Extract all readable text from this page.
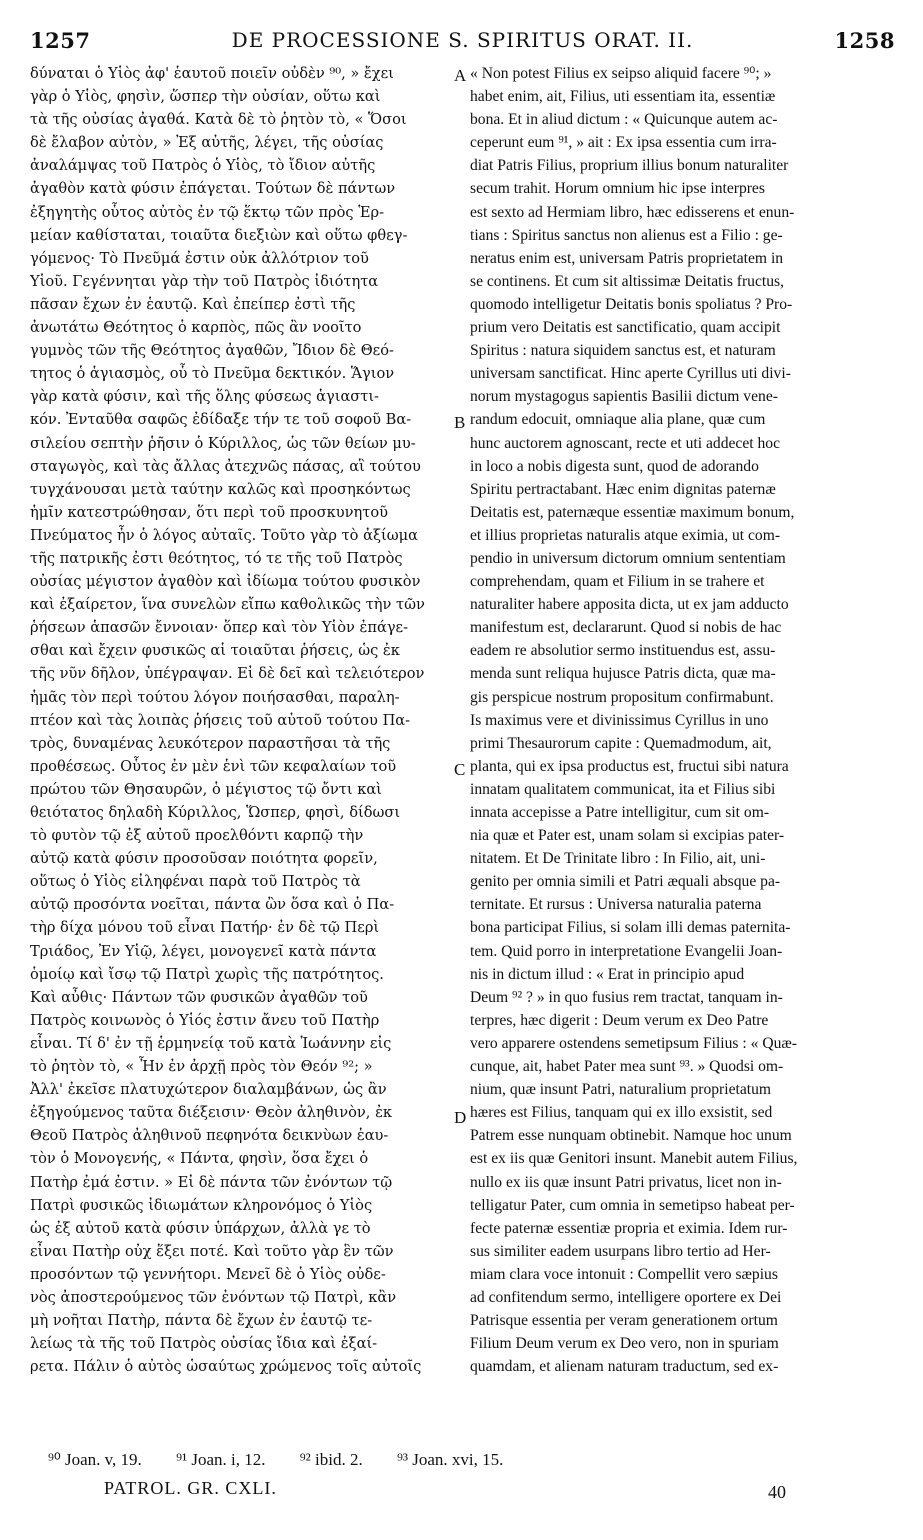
1257	DE PROCESSIONE S. SPIRITUS ORAT. II.	1258
δύναται ὁ Υἱὸς ἀφ' ἑαυτοῦ ποιεῖν οὐδὲν ⁹⁰, » ἔχει
γὰρ ὁ Υἱὸς, φησὶν, ὥσπερ τὴν οὐσίαν, οὕτω καὶ
τὰ τῆς οὐσίας ἀγαθά. Κατὰ δὲ τὸ ῥητὸν τὸ, « Ὅσοι
δὲ ἔλαβον αὐτὸν, » Ἐξ αὐτῆς, λέγει, τῆς οὐσίας
ἀναλάμψας τοῦ Πατρὸς ὁ Υἱὸς, τὸ ἴδιον αὐτῆς
ἀγαθὸν κατὰ φύσιν ἐπάγεται. Τούτων δὲ πάντων
ἐξηγητὴς οὗτος αὐτὸς ἐν τῷ ἕκτῳ τῶν πρὸς Ἑρ-
μείαν καθίσταται, τοιαῦτα διεξιὼν καὶ οὕτω φθεγ-
γόμενος· Τὸ Πνεῦμά ἐστιν οὐκ ἀλλότριον τοῦ
Υἱοῦ. Γεγέννηται γὰρ τὴν τοῦ Πατρὸς ἰδιότητα
πᾶσαν ἔχων ἐν ἑαυτῷ. Καὶ ἐπείπερ ἐστὶ τῆς
ἀνωτάτω Θεότητος ὁ καρπὸς, πῶς ἂν νοοῖτο
γυμνὸς τῶν τῆς Θεότητος ἀγαθῶν, Ἴδιον δὲ Θεό-
τητος ὁ ἁγιασμὸς, οὗ τὸ Πνεῦμα δεκτικόν. Ἅγιον
γὰρ κατὰ φύσιν, καὶ τῆς ὅλης φύσεως ἁγιαστι-
κόν. Ἐνταῦθα σαφῶς ἐδίδαξε τήν τε τοῦ σοφοῦ Βα-
σιλείου σεπτὴν ῥῆσιν ὁ Κύριλλος, ὡς τῶν θείων μυ-
σταγωγὸς, καὶ τὰς ἄλλας ἀτεχνῶς πάσας, αἳ τούτου
τυγχάνουσαι μετὰ ταύτην καλῶς καὶ προσηκόντως
ἡμῖν κατεστρώθησαν, ὅτι περὶ τοῦ προσκυνητοῦ
Πνεύματος ἦν ὁ λόγος αὐταῖς. Τοῦτο γὰρ τὸ ἀξίωμα
τῆς πατρικῆς ἐστι θεότητος, τό τε τῆς τοῦ Πατρὸς
οὐσίας μέγιστον ἀγαθὸν καὶ ἰδίωμα τούτου φυσικὸν
καὶ ἐξαίρετον, ἵνα συνελὼν εἴπω καθολικῶς τὴν τῶν
ῥήσεων ἁπασῶν ἔννοιαν· ὅπερ καὶ τὸν Υἱὸν ἐπάγε-
σθαι καὶ ἔχειν φυσικῶς αἱ τοιαῦται ῥήσεις, ὡς ἐκ
τῆς νῦν δῆλον, ὑπέγραψαν. Εἰ δὲ δεῖ καὶ τελειότερον
ἡμᾶς τὸν περὶ τούτου λόγον ποιήσασθαι, παραλη-
πτέον καὶ τὰς λοιπὰς ῥήσεις τοῦ αὐτοῦ τούτου Πα-
τρὸς, δυναμένας λευκότερον παραστῆσαι τὰ τῆς
προθέσεως. Οὗτος ἐν μὲν ἑνὶ τῶν κεφαλαίων τοῦ
πρώτου τῶν Θησαυρῶν, ὁ μέγιστος τῷ ὄντι καὶ
θειότατος δηλαδὴ Κύριλλος, Ὥσπερ, φησὶ, δίδωσι
τὸ φυτὸν τῷ ἐξ αὐτοῦ προελθόντι καρπῷ τὴν
αὐτῷ κατὰ φύσιν προσοῦσαν ποιότητα φορεῖν,
οὕτως ὁ Υἱὸς εἰληφέναι παρὰ τοῦ Πατρὸς τὰ
αὐτῷ προσόντα νοεῖται, πάντα ὢν ὅσα καὶ ὁ Πα-
τὴρ δίχα μόνου τοῦ εἶναι Πατήρ· ἐν δὲ τῷ Περὶ
Τριάδος, Ἐν Υἱῷ, λέγει, μονογενεῖ κατὰ πάντα
ὁμοίῳ καὶ ἴσῳ τῷ Πατρὶ χωρὶς τῆς πατρότητος.
Καὶ αὖθις· Πάντων τῶν φυσικῶν ἀγαθῶν τοῦ
Πατρὸς κοινωνὸς ὁ Υἱός ἐστιν ἄνευ τοῦ Πατὴρ
εἶναι. Τί δ' ἐν τῇ ἑρμηνείᾳ τοῦ κατὰ Ἰωάννην εἰς
τὸ ῥητὸν τὸ, « Ἦν ἐν ἀρχῇ πρὸς τὸν Θεόν ⁹²; »
Ἀλλ' ἐκεῖσε πλατυχώτερον διαλαμβάνων, ὡς ἂν
ἐξηγούμενος ταῦτα διέξεισιν· Θεὸν ἀληθινὸν, ἐκ
Θεοῦ Πατρὸς ἀληθινοῦ πεφηνότα δεικνὺων ἑαυ-
τὸν ὁ Μονογενής, « Πάντα, φησὶν, ὅσα ἔχει ὁ
Πατὴρ ἐμά ἐστιν. » Εἰ δὲ πάντα τῶν ἐνόντων τῷ
Πατρὶ φυσικῶς ἰδιωμάτων κληρονόμος ὁ Υἱὸς
ὡς ἐξ αὐτοῦ κατὰ φύσιν ὑπάρχων, ἀλλὰ γε τὸ
εἶναι Πατὴρ οὐχ ἕξει ποτέ. Καὶ τοῦτο γὰρ ἓν τῶν
προσόντων τῷ γεννήτορι. Μενεῖ δὲ ὁ Υἱὸς οὐδε-
νὸς ἀποστερούμενος τῶν ἐνόντων τῷ Πατρὶ, κἂν
μὴ νοῆται Πατὴρ, πάντα δὲ ἔχων ἐν ἑαυτῷ τε-
λείως τὰ τῆς τοῦ Πατρὸς οὐσίας ἴδια καὶ ἐξαί-
ρετα. Πάλιν ὁ αὐτὸς ὡσαύτως χρώμενος τοῖς αὐτοῖς
« Non potest Filius ex seipso aliquid facere ⁹⁰; »
habet enim, ait, Filius, uti essentiam ita, essentiæ
bona. Et in aliud dictum : « Quicunque autem ac-
ceperunt eum ⁹¹, » ait : Ex ipsa essentia cum irra-
diat Patris Filius, proprium illius bonum naturaliter
secum trahit. Horum omnium hic ipse interpres
est sexto ad Hermiam libro, hæc edisserens et enun-
tians : Spiritus sanctus non alienus est a Filio : ge-
neratus enim est, universam Patris proprietatem in
se continens. Et cum sit altissimæ Deitatis fructus,
quomodo intelligetur Deitatis bonis spoliatus ? Pro-
prium vero Deitatis est sanctificatio, quam accipit
Spiritus : natura siquidem sanctus est, et naturam
universam sanctificat. Hinc aperte Cyrillus uti divi-
norum mystagogus sapientis Basilii dictum vene-
randum edocuit, omniaque alia plane, quæ cum
hunc auctorem agnoscant, recte et uti addecet hoc
in loco a nobis digesta sunt, quod de adorando
Spiritu pertractabant. Hæc enim dignitas paternæ
Deitatis est, paternæque essentiæ maximum bonum,
et illius proprietas naturalis atque eximia, ut com-
pendio in universum dictorum omnium sententiam
comprehendam, quam et Filium in se trahere et
naturaliter habere apposita dicta, ut ex jam adducto
manifestum est, declararunt. Quod si nobis de hac
eadem re absolutior sermo instituendus est, assu-
menda sunt reliqua hujusce Patris dicta, quæ ma-
gis perspicue nostrum propositum confirmabunt.
Is maximus vere et divinissimus Cyrillus in uno
primi Thesaurorum capite : Quemadmodum, ait,
planta, qui ex ipsa productus est, fructui sibi natura
innatam qualitatem communicat, ita et Filius sibi
innata accepisse a Patre intelligitur, cum sit om-
nia quæ et Pater est, unam solam si excipias pater-
nitatem. Et De Trinitate libro : In Filio, ait, uni-
genito per omnia simili et Patri æquali absque pa-
ternitate. Et rursus : Universa naturalia paterna
bona participat Filius, si solam illi demas paternita-
tem. Quid porro in interpretatione Evangelii Joan-
nis in dictum illud : « Erat in principio apud
Deum ⁹² ? » in quo fusius rem tractat, tanquam in-
terpres, hæc digerit : Deum verum ex Deo Patre
vero apparere ostendens semetipsum Filius : « Quæ-
cunque, ait, habet Pater mea sunt ⁹³. » Quodsi om-
nium, quæ insunt Patri, naturalium proprietatum
hæres est Filius, tanquam qui ex illo exsistit, sed
Patrem esse nunquam obtinebit. Namque hoc unum
est ex iis quæ Genitori insunt. Manebit autem Filius,
nullo ex iis quæ insunt Patri privatus, licet non in-
telligatur Pater, cum omnia in semetipso habeat per-
fecte paternæ essentiæ propria et eximia. Idem rur-
sus similiter eadem usurpans libro tertio ad Her-
miam clara voce intonuit : Compellit vero sæpius
ad confitendum sermo, intelligere oportere ex Dei
Patrisque essentia per veram generationem ortum
Filium Deum verum ex Deo vero, non in spuriam
quamdam, et alienam naturam traductum, sed ex-
A
B
C
D
⁹⁰ Joan. v, 19. ⁹¹ Joan. i, 12. ⁹² ibid. 2. ⁹³ Joan. xvi, 15.
PATROL. GR. CXLI.	40
